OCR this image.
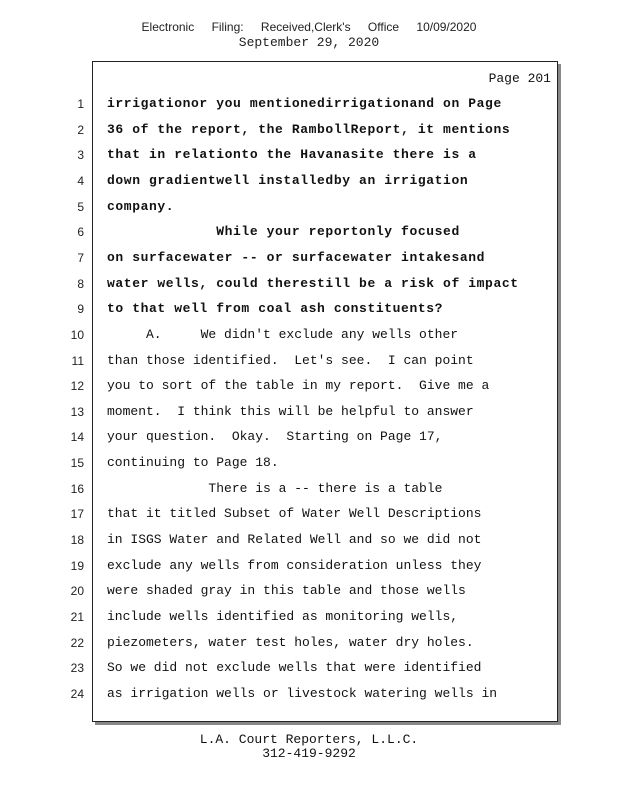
Electronic Filing: Received,Clerk's Office 10/09/2020
September 29, 2020
Page 201
1 irrigationor you mentionedirrigationand on Page
2 36 of the report, the RambollReport, it mentions
3 that in relationto the Havanasite there is a
4 down gradientwell installedby an irrigation
5 company.
6 While your reportonly focused
7 on surfacewater -- or surfacewater intakesand
8 water wells, could therestill be a risk of impact
9 to that well from coal ash constituents?
10 A.     We didn't exclude any wells other
11 than those identified.  Let's see.  I can point
12 you to sort of the table in my report.  Give me a
13 moment.  I think this will be helpful to answer
14 your question.  Okay.  Starting on Page 17,
15 continuing to Page 18.
16 There is a -- there is a table
17 that it titled Subset of Water Well Descriptions
18 in ISGS Water and Related Well and so we did not
19 exclude any wells from consideration unless they
20 were shaded gray in this table and those wells
21 include wells identified as monitoring wells,
22 piezometers, water test holes, water dry holes.
23 So we did not exclude wells that were identified
24 as irrigation wells or livestock watering wells in
L.A. Court Reporters, L.L.C.
312-419-9292
